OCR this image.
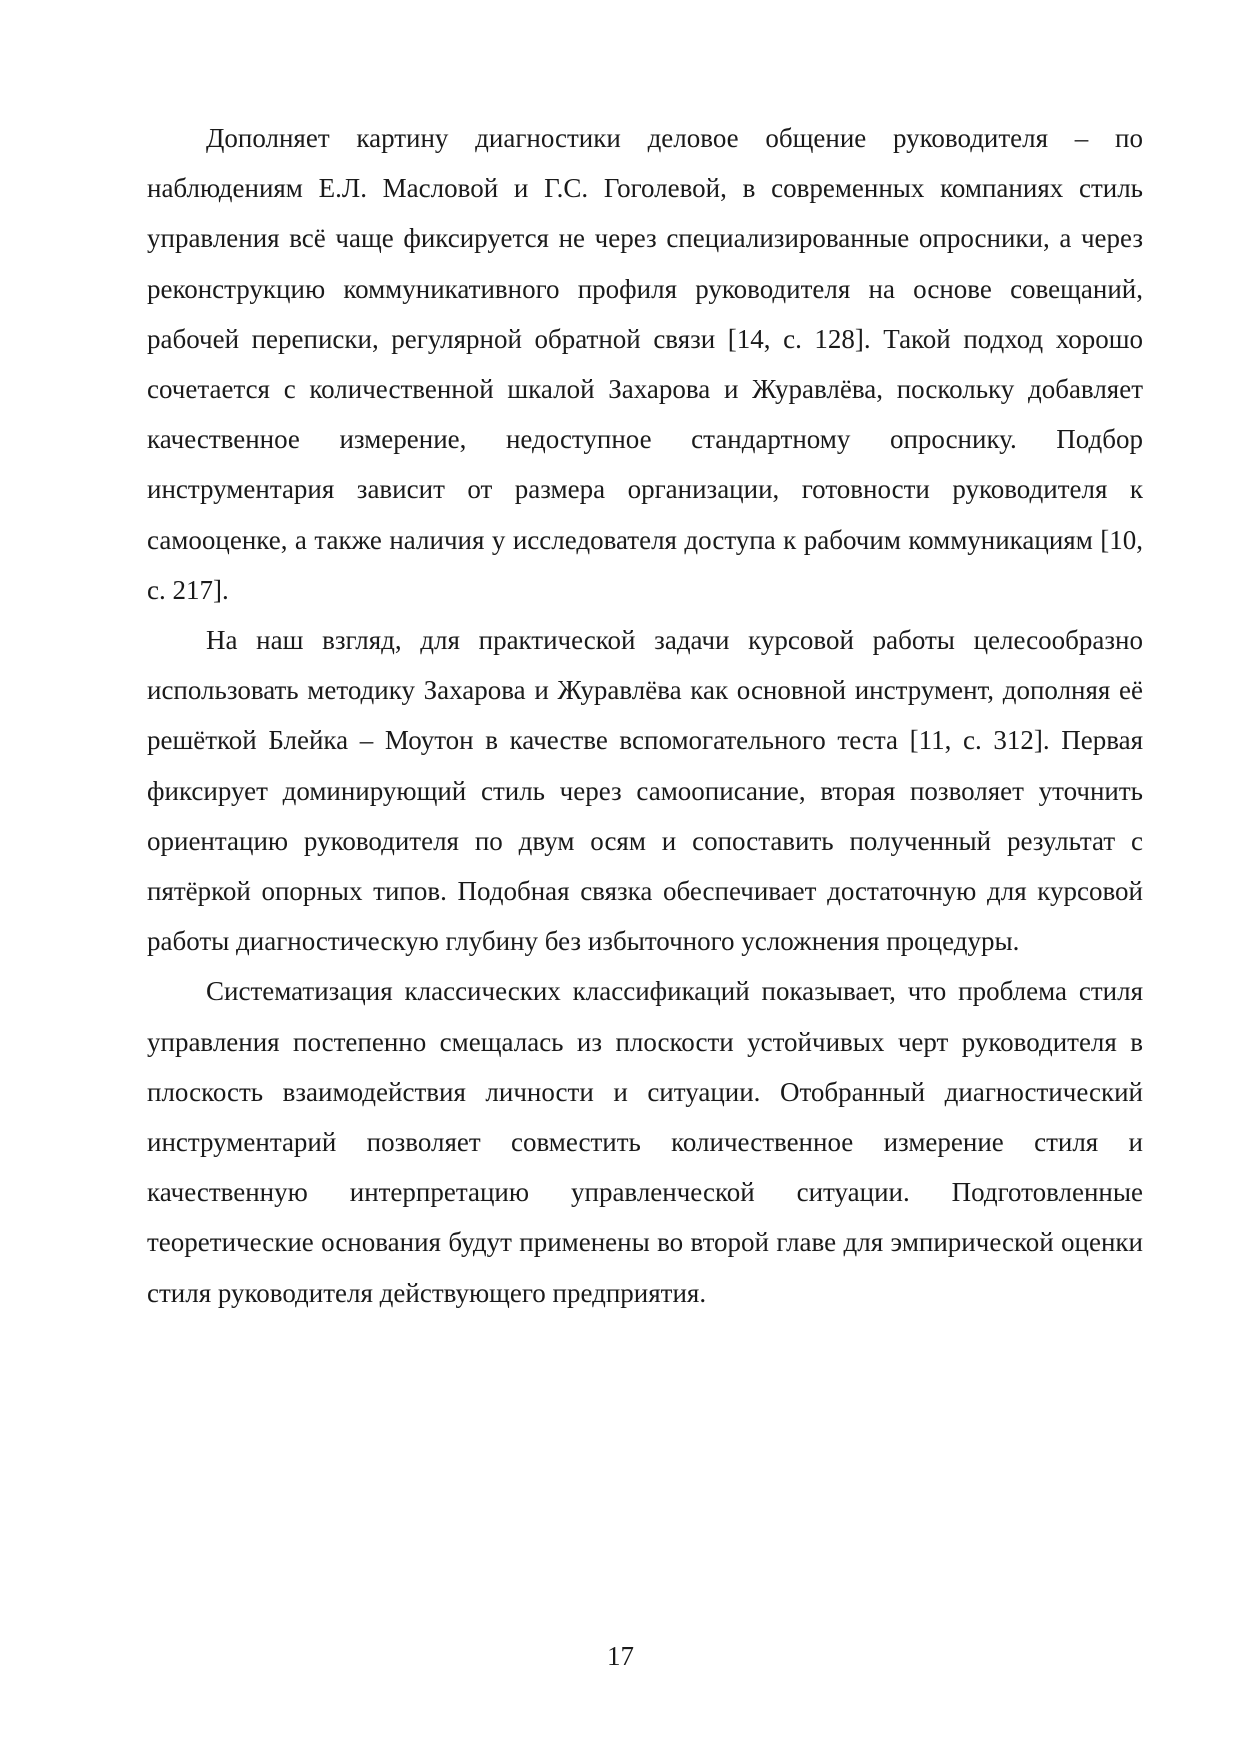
Дополняет картину диагностики деловое общение руководителя – по наблюдениям Е.Л. Масловой и Г.С. Гоголевой, в современных компаниях стиль управления всё чаще фиксируется не через специализированные опросники, а через реконструкцию коммуникативного профиля руководителя на основе совещаний, рабочей переписки, регулярной обратной связи [14, с. 128]. Такой подход хорошо сочетается с количественной шкалой Захарова и Журавлёва, поскольку добавляет качественное измерение, недоступное стандартному опроснику. Подбор инструментария зависит от размера организации, готовности руководителя к самооценке, а также наличия у исследователя доступа к рабочим коммуникациям [10, с. 217].

На наш взгляд, для практической задачи курсовой работы целесообразно использовать методику Захарова и Журавлёва как основной инструмент, дополняя её решёткой Блейка – Моутон в качестве вспомогательного теста [11, с. 312]. Первая фиксирует доминирующий стиль через самоописание, вторая позволяет уточнить ориентацию руководителя по двум осям и сопоставить полученный результат с пятёркой опорных типов. Подобная связка обеспечивает достаточную для курсовой работы диагностическую глубину без избыточного усложнения процедуры.

Систематизация классических классификаций показывает, что проблема стиля управления постепенно смещалась из плоскости устойчивых черт руководителя в плоскость взаимодействия личности и ситуации. Отобранный диагностический инструментарий позволяет совместить количественное измерение стиля и качественную интерпретацию управленческой ситуации. Подготовленные теоретические основания будут применены во второй главе для эмпирической оценки стиля руководителя действующего предприятия.

17
